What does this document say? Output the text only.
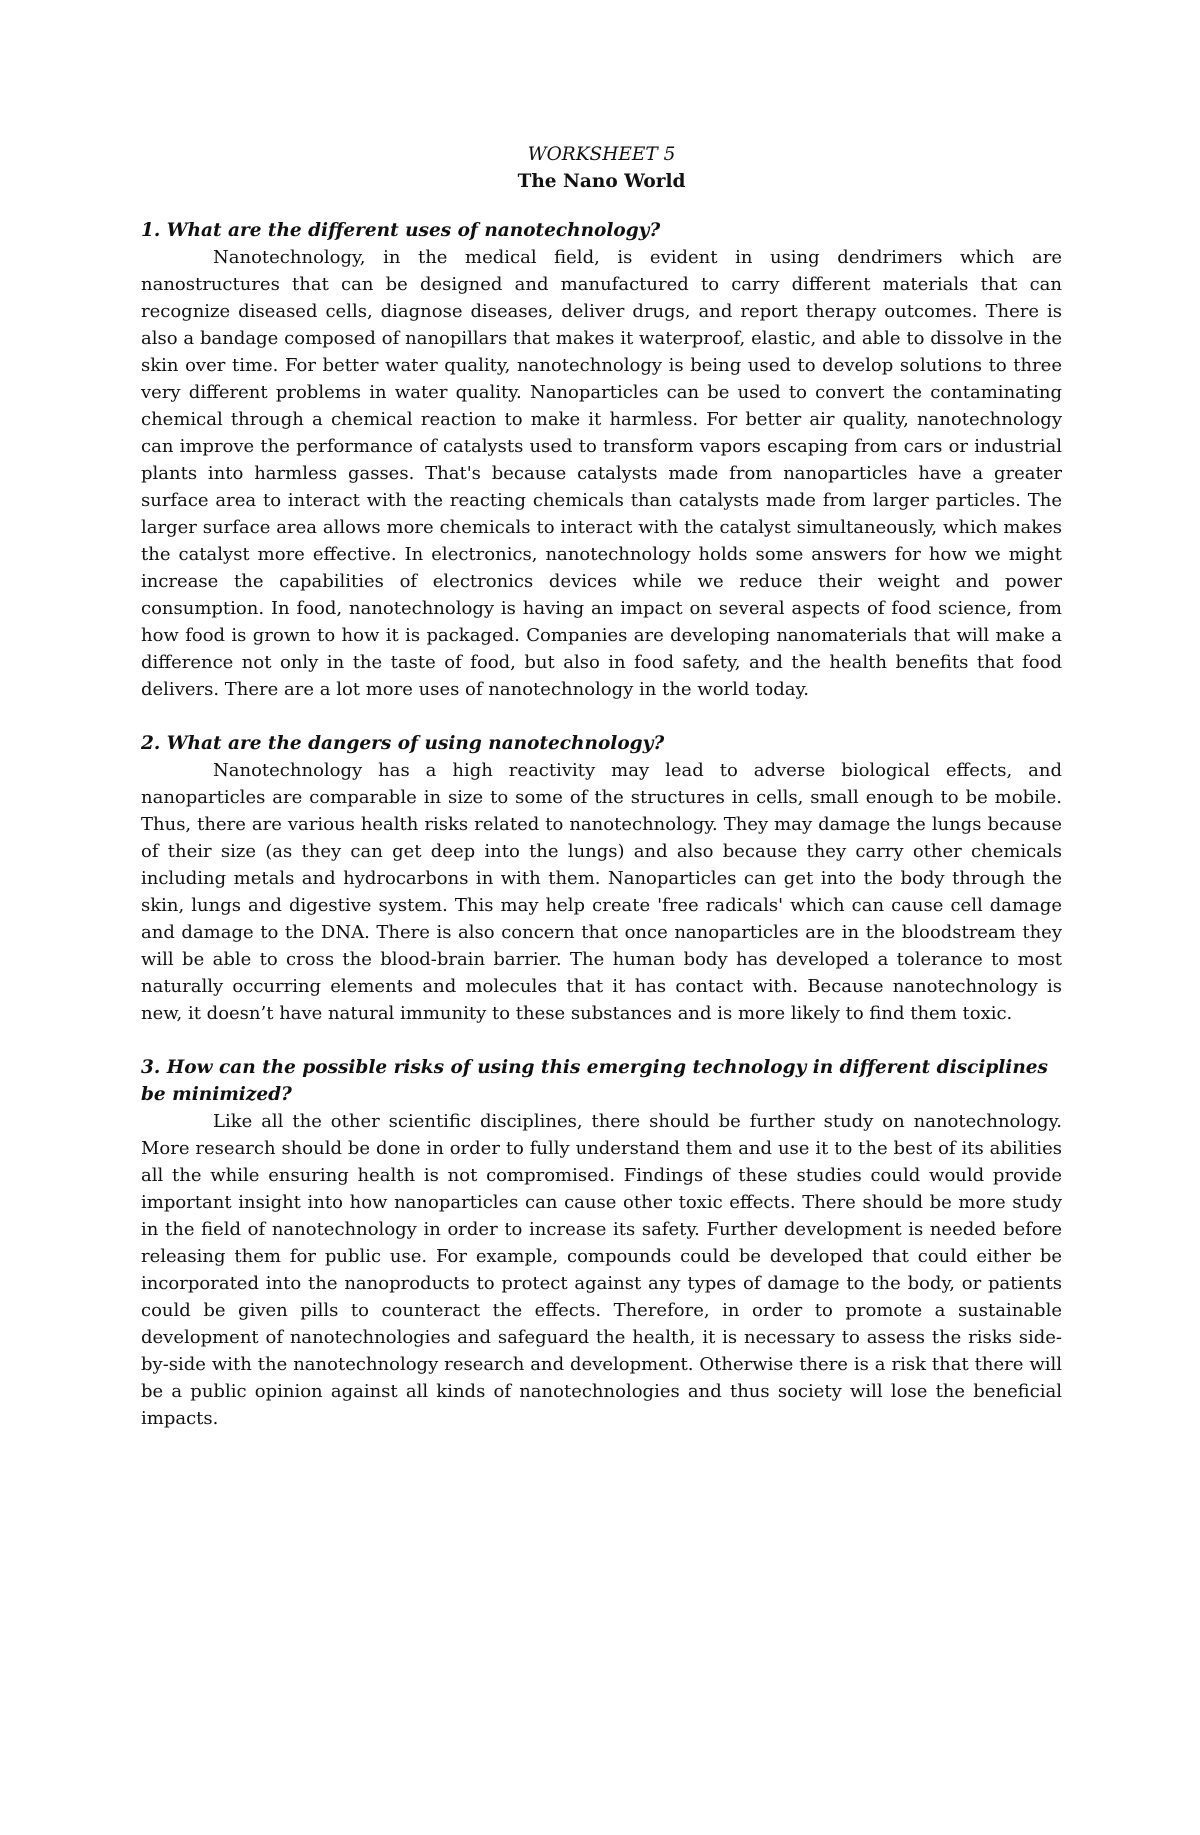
WORKSHEET 5

The Nano World

1. What are the different uses of nanotechnology?

Nanotechnology, in the medical field, is evident in using dendrimers which are nanostructures that can be designed and manufactured to carry different materials that can recognize diseased cells, diagnose diseases, deliver drugs, and report therapy outcomes. There is also a bandage composed of nanopillars that makes it waterproof, elastic, and able to dissolve in the skin over time. For better water quality, nanotechnology is being used to develop solutions to three very different problems in water quality. Nanoparticles can be used to convert the contaminating chemical through a chemical reaction to make it harmless. For better air quality, nanotechnology can improve the performance of catalysts used to transform vapors escaping from cars or industrial plants into harmless gasses. That's because catalysts made from nanoparticles have a greater surface area to interact with the reacting chemicals than catalysts made from larger particles. The larger surface area allows more chemicals to interact with the catalyst simultaneously, which makes the catalyst more effective. In electronics, nanotechnology holds some answers for how we might increase the capabilities of electronics devices while we reduce their weight and power consumption. In food, nanotechnology is having an impact on several aspects of food science, from how food is grown to how it is packaged. Companies are developing nanomaterials that will make a difference not only in the taste of food, but also in food safety, and the health benefits that food delivers. There are a lot more uses of nanotechnology in the world today.

2. What are the dangers of using nanotechnology?

Nanotechnology has a high reactivity may lead to adverse biological effects, and nanoparticles are comparable in size to some of the structures in cells, small enough to be mobile. Thus, there are various health risks related to nanotechnology. They may damage the lungs because of their size (as they can get deep into the lungs) and also because they carry other chemicals including metals and hydrocarbons in with them. Nanoparticles can get into the body through the skin, lungs and digestive system. This may help create 'free radicals' which can cause cell damage and damage to the DNA. There is also concern that once nanoparticles are in the bloodstream they will be able to cross the blood-brain barrier. The human body has developed a tolerance to most naturally occurring elements and molecules that it has contact with. Because nanotechnology is new, it doesn’t have natural immunity to these substances and is more likely to find them toxic.

3. How can the possible risks of using this emerging technology in different disciplines be minimized?

Like all the other scientific disciplines, there should be further study on nanotechnology. More research should be done in order to fully understand them and use it to the best of its abilities all the while ensuring health is not compromised. Findings of these studies could would provide important insight into how nanoparticles can cause other toxic effects. There should be more study in the field of nanotechnology in order to increase its safety. Further development is needed before releasing them for public use. For example, compounds could be developed that could either be incorporated into the nanoproducts to protect against any types of damage to the body, or patients could be given pills to counteract the effects. Therefore, in order to promote a sustainable development of nanotechnologies and safeguard the health, it is necessary to assess the risks side-by-side with the nanotechnology research and development. Otherwise there is a risk that there will be a public opinion against all kinds of nanotechnologies and thus society will lose the beneficial impacts.
